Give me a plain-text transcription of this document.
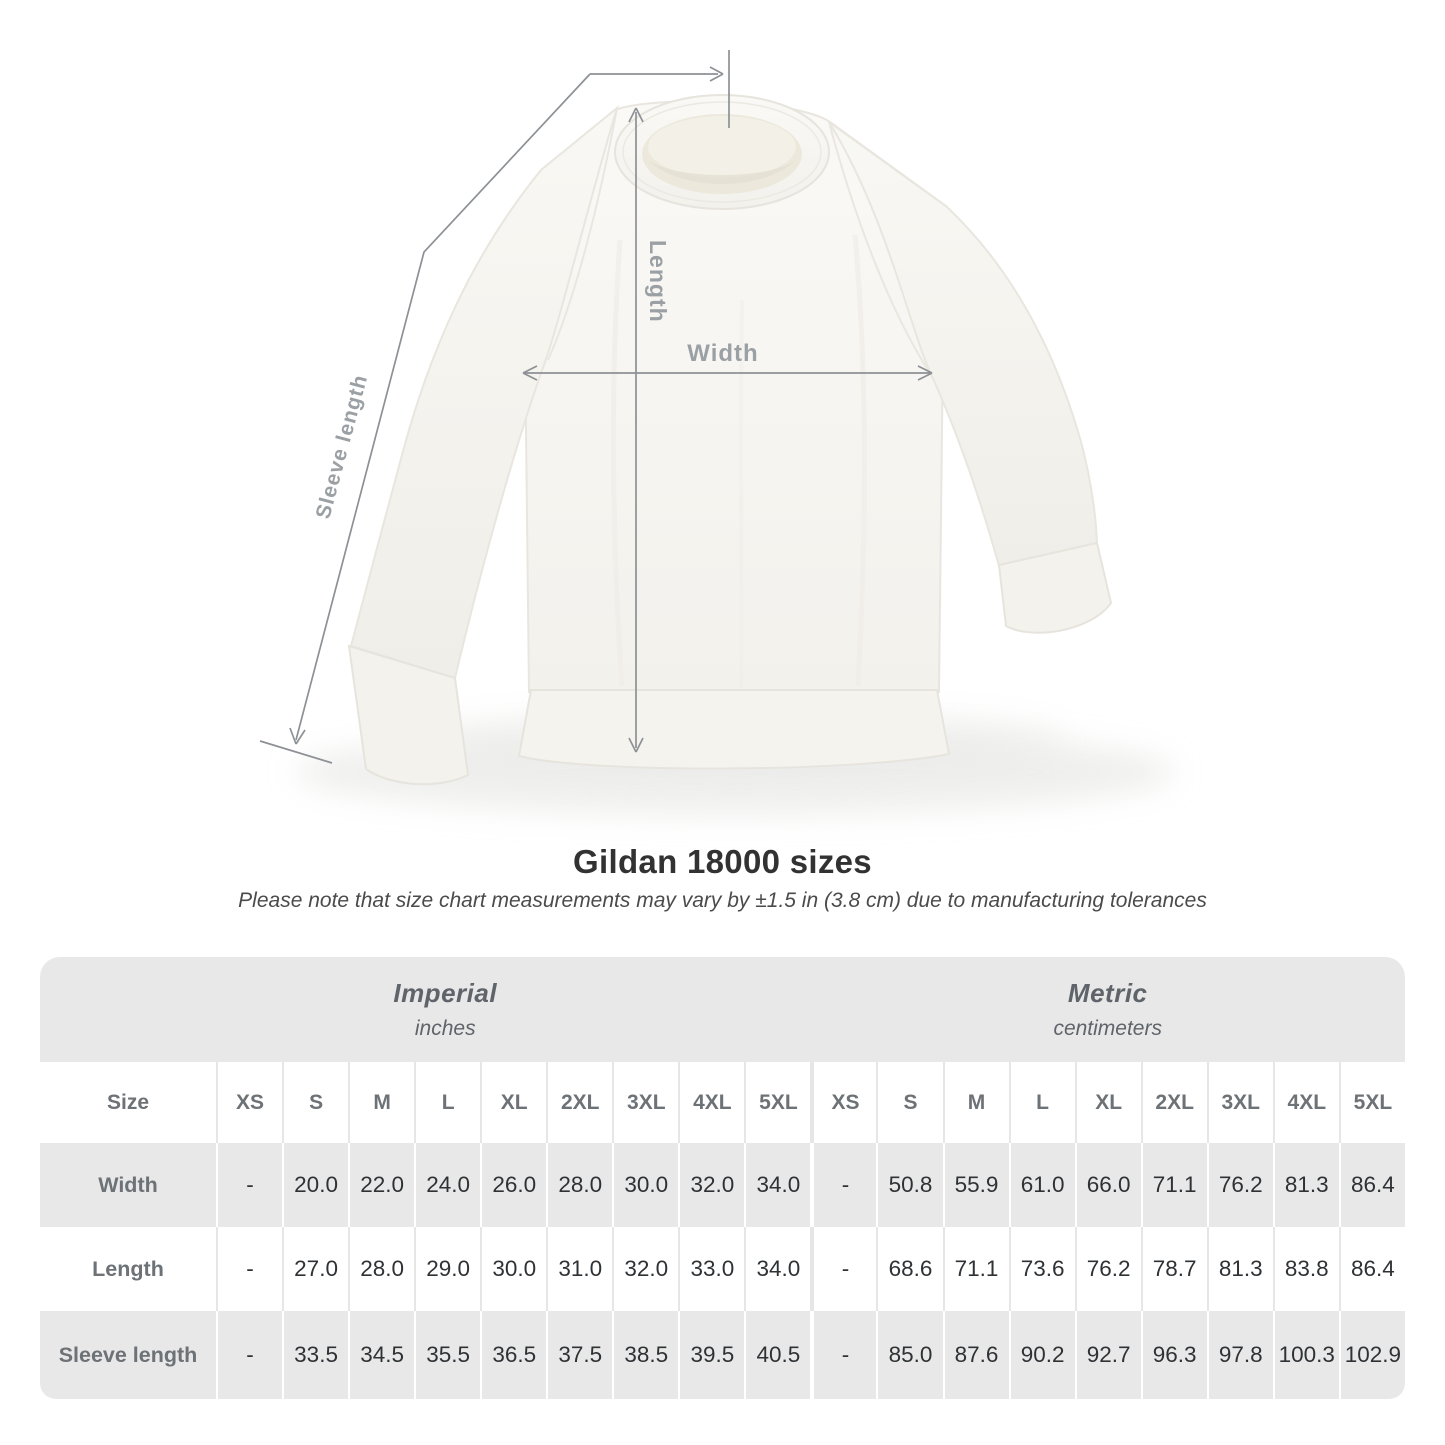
Length
Width
Sleeve length
Gildan 18000 sizes

Please note that size chart measurements may vary by ±1.5 in (3.8 cm) due to manufacturing tolerances

Imperial
inches

Metric
centimeters

Size	XS	S	M	L	XL	2XL	3XL	4XL	5XL	XS	S	M	L	XL	2XL	3XL	4XL	5XL
Width	-	20.0	22.0	24.0	26.0	28.0	30.0	32.0	34.0	-	50.8	55.9	61.0	66.0	71.1	76.2	81.3	86.4
Length	-	27.0	28.0	29.0	30.0	31.0	32.0	33.0	34.0	-	68.6	71.1	73.6	76.2	78.7	81.3	83.8	86.4
Sleeve length	-	33.5	34.5	35.5	36.5	37.5	38.5	39.5	40.5	-	85.0	87.6	90.2	92.7	96.3	97.8	100.3	102.9
